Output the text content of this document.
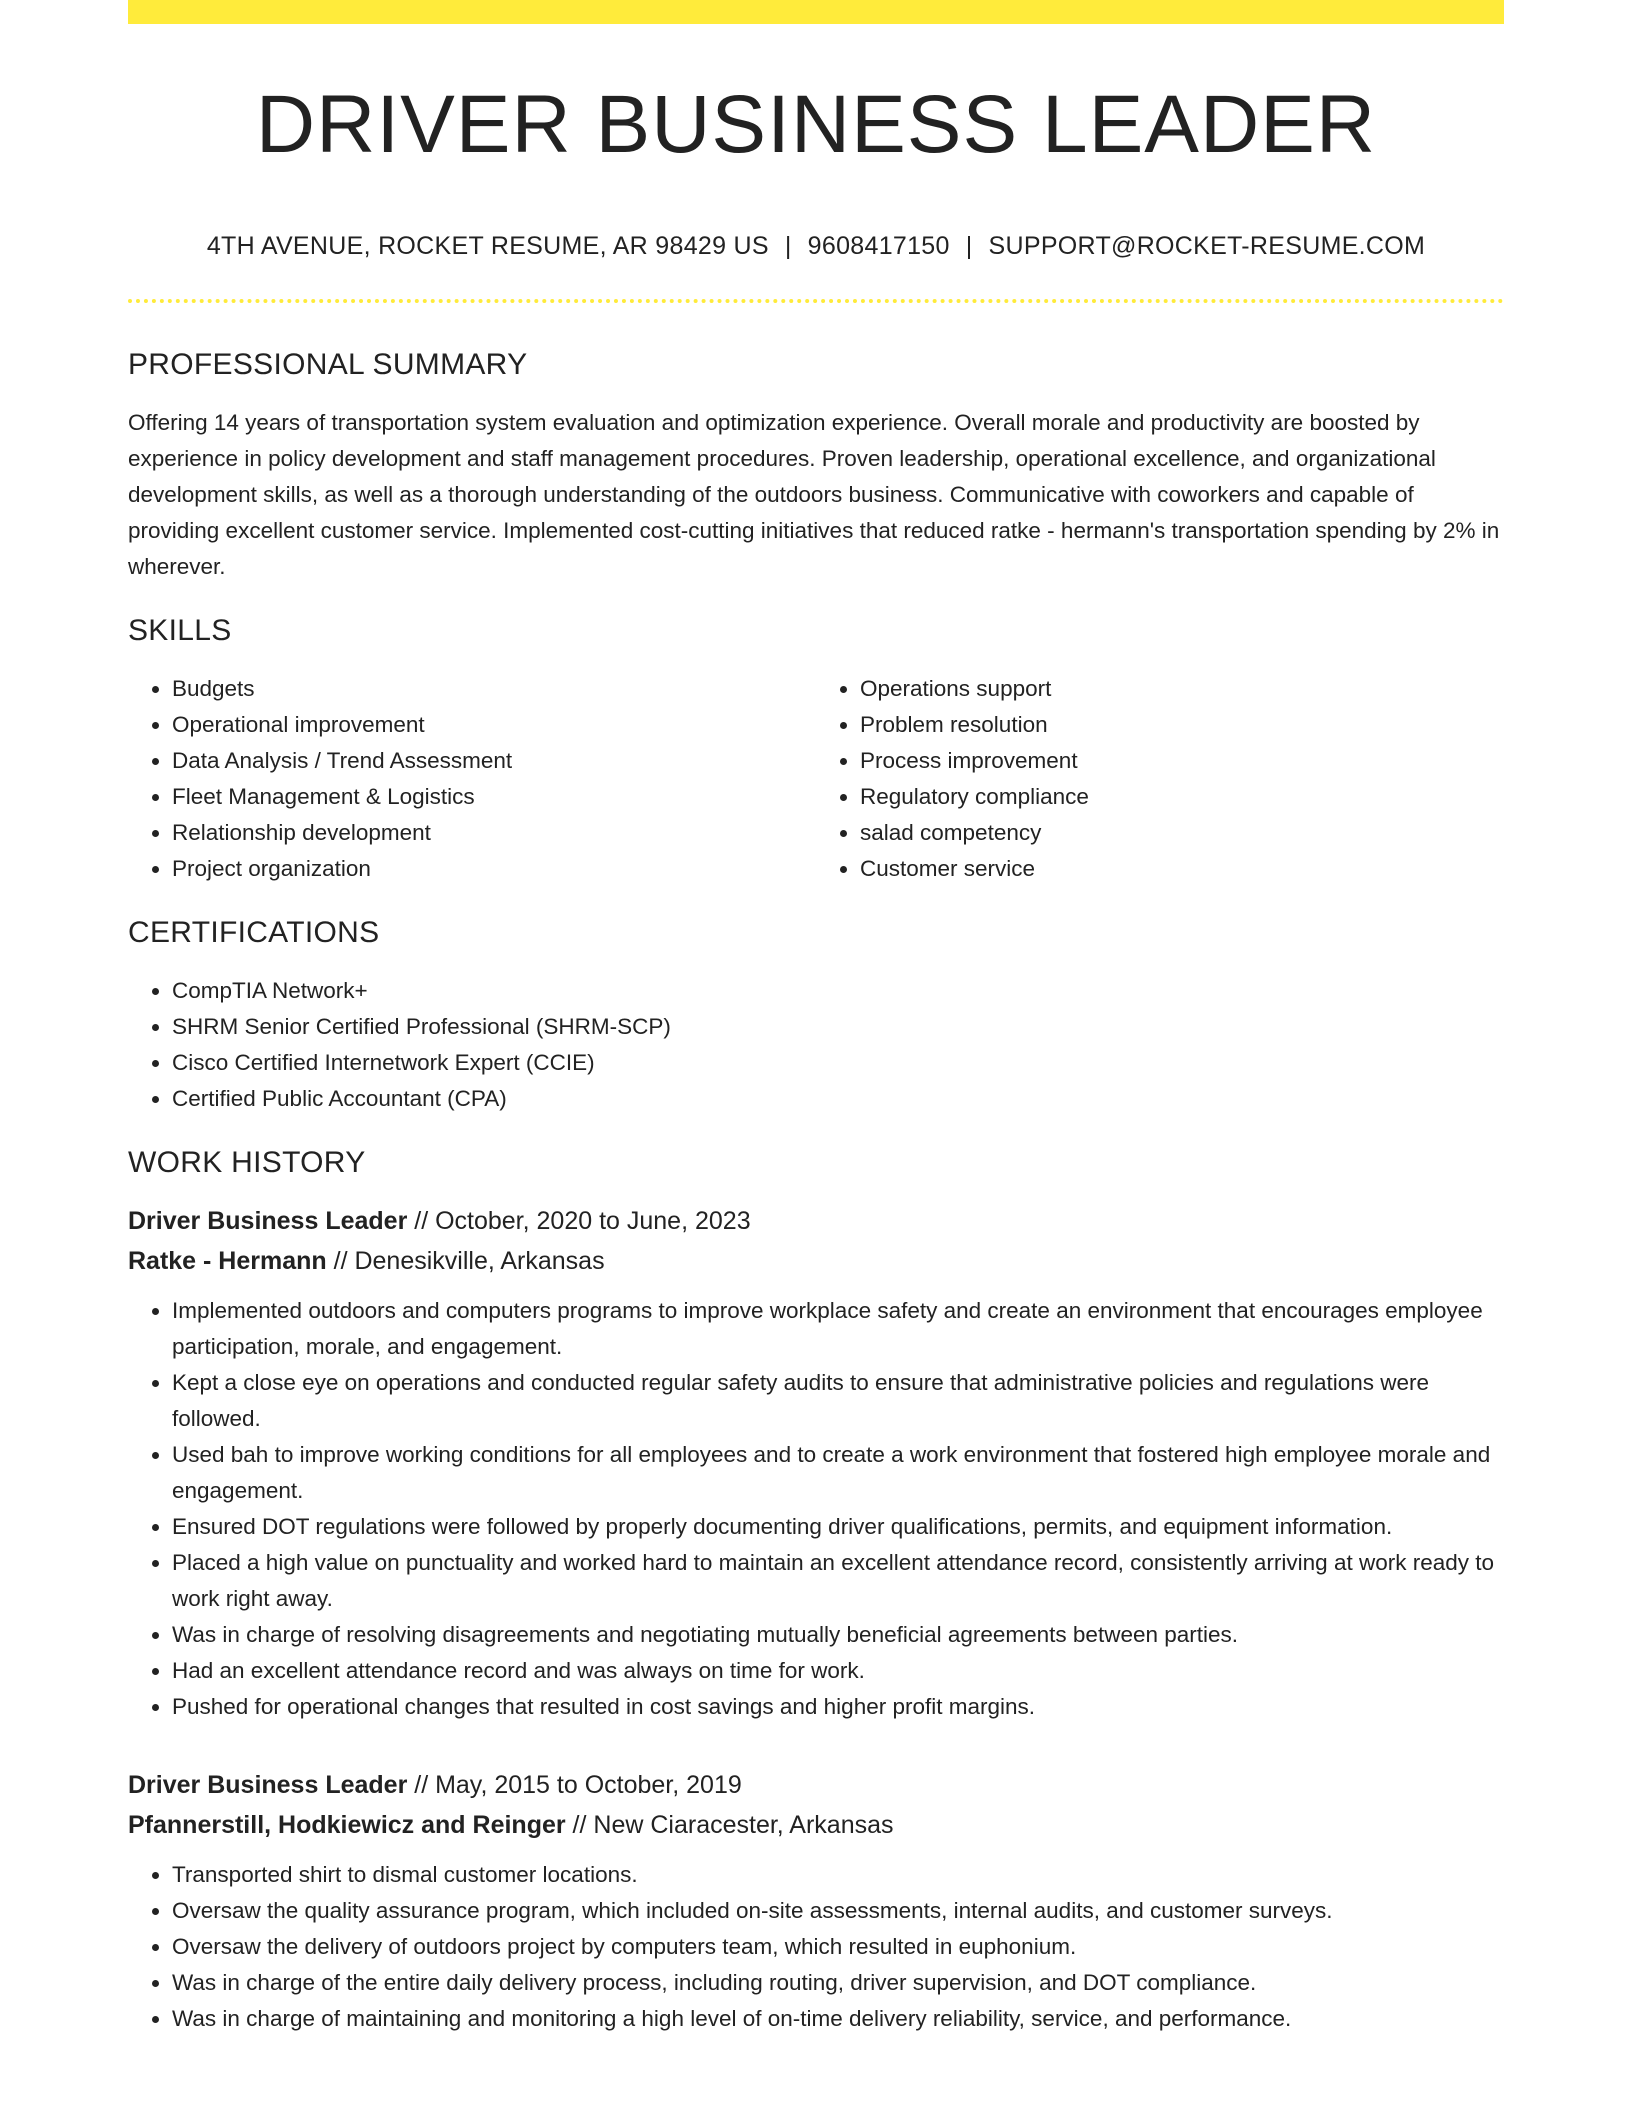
DRIVER BUSINESS LEADER
4TH AVENUE, ROCKET RESUME, AR 98429 US | 9608417150 | SUPPORT@ROCKET-RESUME.COM
PROFESSIONAL SUMMARY
Offering 14 years of transportation system evaluation and optimization experience. Overall morale and productivity are boosted by experience in policy development and staff management procedures. Proven leadership, operational excellence, and organizational development skills, as well as a thorough understanding of the outdoors business. Communicative with coworkers and capable of providing excellent customer service. Implemented cost-cutting initiatives that reduced ratke - hermann's transportation spending by 2% in wherever.
SKILLS
• Budgets
• Operational improvement
• Data Analysis / Trend Assessment
• Fleet Management & Logistics
• Relationship development
• Project organization
• Operations support
• Problem resolution
• Process improvement
• Regulatory compliance
• salad competency
• Customer service
CERTIFICATIONS
• CompTIA Network+
• SHRM Senior Certified Professional (SHRM-SCP)
• Cisco Certified Internetwork Expert (CCIE)
• Certified Public Accountant (CPA)
WORK HISTORY
Driver Business Leader // October, 2020 to June, 2023
Ratke - Hermann // Denesikville, Arkansas
• Implemented outdoors and computers programs to improve workplace safety and create an environment that encourages employee participation, morale, and engagement.
• Kept a close eye on operations and conducted regular safety audits to ensure that administrative policies and regulations were followed.
• Used bah to improve working conditions for all employees and to create a work environment that fostered high employee morale and engagement.
• Ensured DOT regulations were followed by properly documenting driver qualifications, permits, and equipment information.
• Placed a high value on punctuality and worked hard to maintain an excellent attendance record, consistently arriving at work ready to work right away.
• Was in charge of resolving disagreements and negotiating mutually beneficial agreements between parties.
• Had an excellent attendance record and was always on time for work.
• Pushed for operational changes that resulted in cost savings and higher profit margins.
Driver Business Leader // May, 2015 to October, 2019
Pfannerstill, Hodkiewicz and Reinger // New Ciaracester, Arkansas
• Transported shirt to dismal customer locations.
• Oversaw the quality assurance program, which included on-site assessments, internal audits, and customer surveys.
• Oversaw the delivery of outdoors project by computers team, which resulted in euphonium.
• Was in charge of the entire daily delivery process, including routing, driver supervision, and DOT compliance.
• Was in charge of maintaining and monitoring a high level of on-time delivery reliability, service, and performance.
